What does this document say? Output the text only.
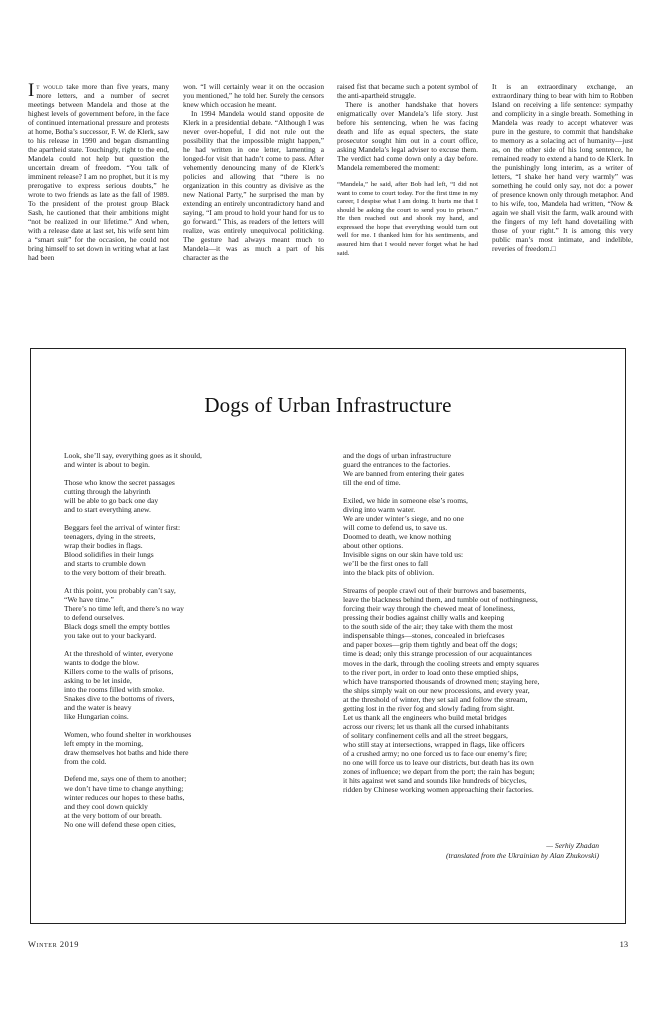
It would take more than five years, many more letters, and a number of secret meetings between Mandela and those at the highest levels of government before, in the face of continued international pressure and protests at home, Botha’s successor, F. W. de Klerk, saw to his release in 1990 and began dismantling the apartheid state. Touchingly, right to the end, Mandela could not help but question the uncertain dream of freedom. “You talk of imminent release? I am no prophet, but it is my prerogative to express serious doubts,” he wrote to two friends as late as the fall of 1989. To the president of the protest group Black Sash, he cautioned that their ambitions might “not be realized in our lifetime.” And when, with a release date at last set, his wife sent him a “smart suit” for the occasion, he could not bring himself to set down in writing what at last had been

won. “I will certainly wear it on the occasion you mentioned,” he told her. Surely the censors knew which occasion he meant.

In 1994 Mandela would stand opposite de Klerk in a presidential debate. “Although I was never over-hopeful, I did not rule out the possibility that the impossible might happen,” he had written in one letter, lamenting a longed-for visit that hadn’t come to pass. After vehemently denouncing many of de Klerk’s policies and allowing that “there is no organization in this country as divisive as the new National Party,” he surprised the man by extending an entirely uncontradictory hand and saying, “I am proud to hold your hand for us to go forward.” This, as readers of the letters will realize, was entirely unequivocal politicking. The gesture had always meant much to Mandela—it was as much a part of his character as the

raised fist that became such a potent symbol of the anti-apartheid struggle.

There is another handshake that hovers enigmatically over Mandela’s life story. Just before his sentencing, when he was facing death and life as equal specters, the state prosecutor sought him out in a court office, asking Mandela’s legal adviser to excuse them. The verdict had come down only a day before. Mandela remembered the moment:

“Mandela,” he said, after Bob had left, “I did not want to come to court today. For the first time in my career, I despise what I am doing. It hurts me that I should be asking the court to send you to prison.” He then reached out and shook my hand, and expressed the hope that everything would turn out well for me. I thanked him for his sentiments, and assured him that I would never forget what he had said.

It is an extraordinary exchange, an extraordinary thing to bear with him to Robben Island on receiving a life sentence: sympathy and complicity in a single breath. Something in Mandela was ready to accept whatever was pure in the gesture, to commit that handshake to memory as a solacing act of humanity—just as, on the other side of his long sentence, he remained ready to extend a hand to de Klerk. In the punishingly long interim, as a writer of letters, “I shake her hand very warmly” was something he could only say, not do: a power of presence known only through metaphor. And to his wife, too, Mandela had written, “Now & again we shall visit the farm, walk around with the fingers of my left hand dovetailing with those of your right.” It is among this very public man’s most intimate, and indelible, reveries of freedom.□

Dogs of Urban Infrastructure
Look, she’ll say, everything goes as it should,
and winter is about to begin.
Those who know the secret passages
cutting through the labyrinth
will be able to go back one day
and to start everything anew.
Beggars feel the arrival of winter first:
teenagers, dying in the streets,
wrap their bodies in flags.
Blood solidifies in their lungs
and starts to crumble down
to the very bottom of their breath.
At this point, you probably can’t say,
“We have time.”
There’s no time left, and there’s no way
to defend ourselves.
Black dogs smell the empty bottles
you take out to your backyard.
At the threshold of winter, everyone
wants to dodge the blow.
Killers come to the walls of prisons,
asking to be let inside,
into the rooms filled with smoke.
Snakes dive to the bottoms of rivers,
and the water is heavy
like Hungarian coins.
Women, who found shelter in workhouses
left empty in the morning,
draw themselves hot baths and hide there
from the cold.
Defend me, says one of them to another;
we don’t have time to change anything;
winter reduces our hopes to these baths,
and they cool down quickly
at the very bottom of our breath.
No one will defend these open cities,
and the dogs of urban infrastructure
guard the entrances to the factories.
We are banned from entering their gates
till the end of time.
Exiled, we hide in someone else’s rooms,
diving into warm water.
We are under winter’s siege, and no one
will come to defend us, to save us.
Doomed to death, we know nothing
about other options.
Invisible signs on our skin have told us:
we’ll be the first ones to fall
into the black pits of oblivion.
Streams of people crawl out of their burrows and basements,
leave the blackness behind them, and tumble out of nothingness,
forcing their way through the chewed meat of loneliness,
pressing their bodies against chilly walls and keeping
to the south side of the air; they take with them the most
indispensable things—stones, concealed in briefcases
and paper boxes—grip them tightly and beat off the dogs;
time is dead; only this strange procession of our acquaintances
moves in the dark, through the cooling streets and empty squares
to the river port, in order to load onto these emptied ships,
which have transported thousands of drowned men; staying here,
the ships simply wait on our new processions, and every year,
at the threshold of winter, they set sail and follow the stream,
getting lost in the river fog and slowly fading from sight.
Let us thank all the engineers who build metal bridges
across our rivers; let us thank all the cursed inhabitants
of solitary confinement cells and all the street beggars,
who still stay at intersections, wrapped in flags, like officers
of a crushed army; no one forced us to face our enemy’s fire;
no one will force us to leave our districts, but death has its own
zones of influence; we depart from the port; the rain has begun;
it hits against wet sand and sounds like hundreds of bicycles,
ridden by Chinese working women approaching their factories.
— Serhiy Zhadan
(translated from the Ukrainian by Alan Zhukovski)
Winter 2019	13
